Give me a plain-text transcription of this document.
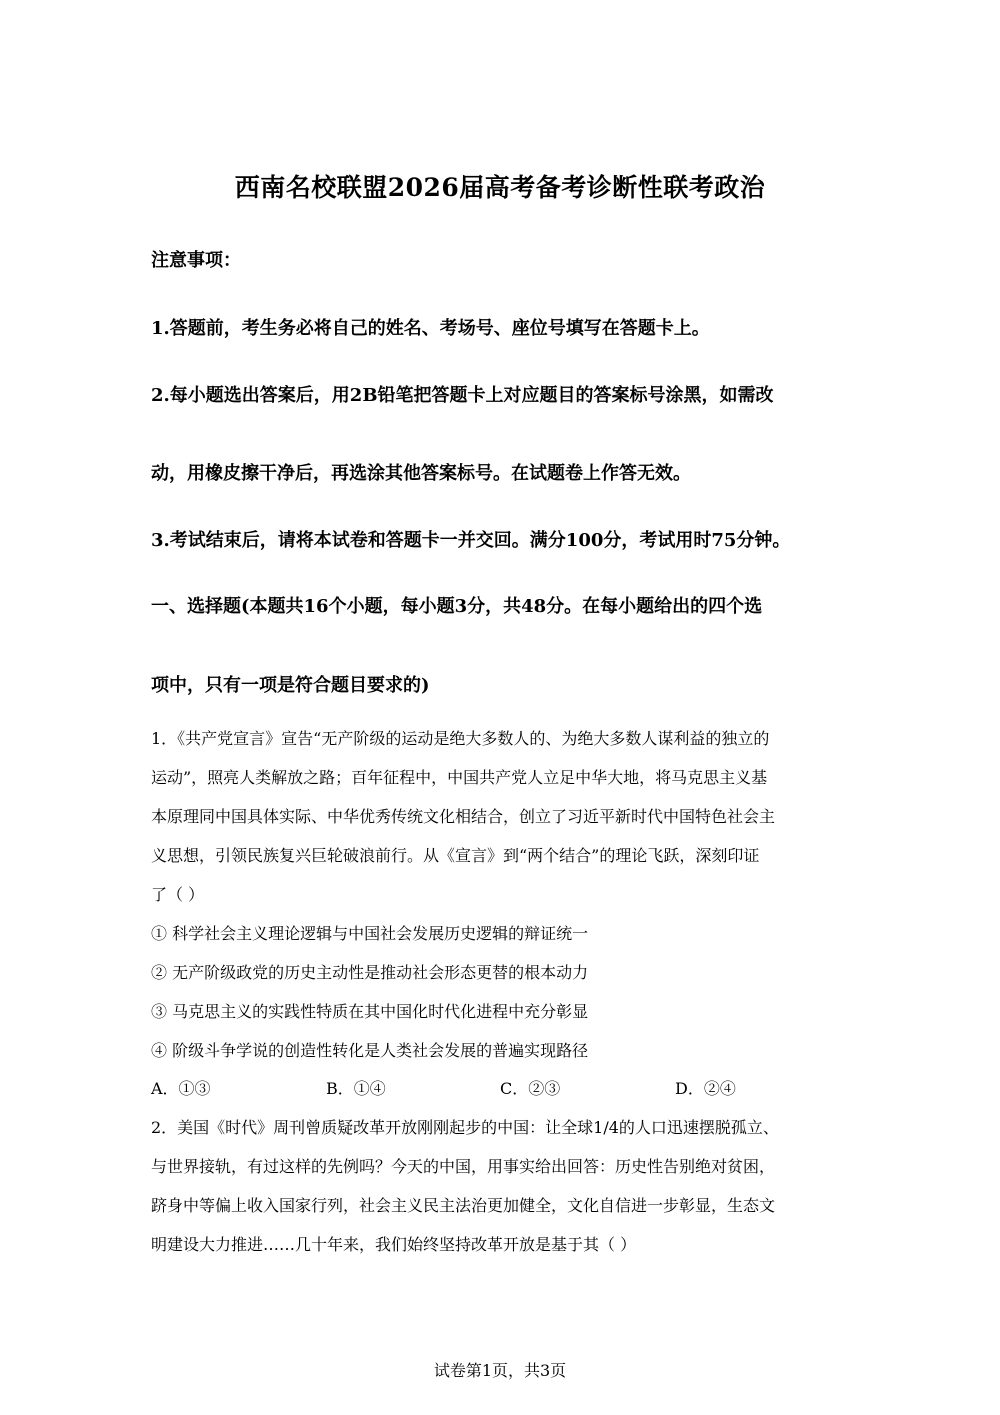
西南名校联盟2026届高考备考诊断性联考政治
注意事项：
1.答题前，考生务必将自己的姓名、考场号、座位号填写在答题卡上。
2.每小题选出答案后，用2B铅笔把答题卡上对应题目的答案标号涂黑，如需改
动，用橡皮擦干净后，再选涂其他答案标号。在试题卷上作答无效。
3.考试结束后，请将本试卷和答题卡一并交回。满分100分，考试用时75分钟。
一、选择题(本题共16个小题，每小题3分，共48分。在每小题给出的四个选
项中，只有一项是符合题目要求的)
1．《共产党宣言》宣告“无产阶级的运动是绝大多数人的、为绝大多数人谋利益的独立的
运动”，照亮人类解放之路；百年征程中，中国共产党人立足中华大地，将马克思主义基
本原理同中国具体实际、中华优秀传统文化相结合，创立了习近平新时代中国特色社会主
义思想，引领民族复兴巨轮破浪前行。从《宣言》到“两个结合”的理论飞跃，深刻印证
了（ ）
① 科学社会主义理论逻辑与中国社会发展历史逻辑的辩证统一
② 无产阶级政党的历史主动性是推动社会形态更替的根本动力
③ 马克思主义的实践性特质在其中国化时代化进程中充分彰显
④ 阶级斗争学说的创造性转化是人类社会发展的普遍实现路径
A．①③	B．①④	C．②③	D．②④
2．美国《时代》周刊曾质疑改革开放刚刚起步的中国：让全球1/4的人口迅速摆脱孤立、
与世界接轨，有过这样的先例吗？今天的中国，用事实给出回答：历史性告别绝对贫困，
跻身中等偏上收入国家行列，社会主义民主法治更加健全，文化自信进一步彰显，生态文
明建设大力推进……几十年来，我们始终坚持改革开放是基于其（ ）
试卷第1页，共3页
